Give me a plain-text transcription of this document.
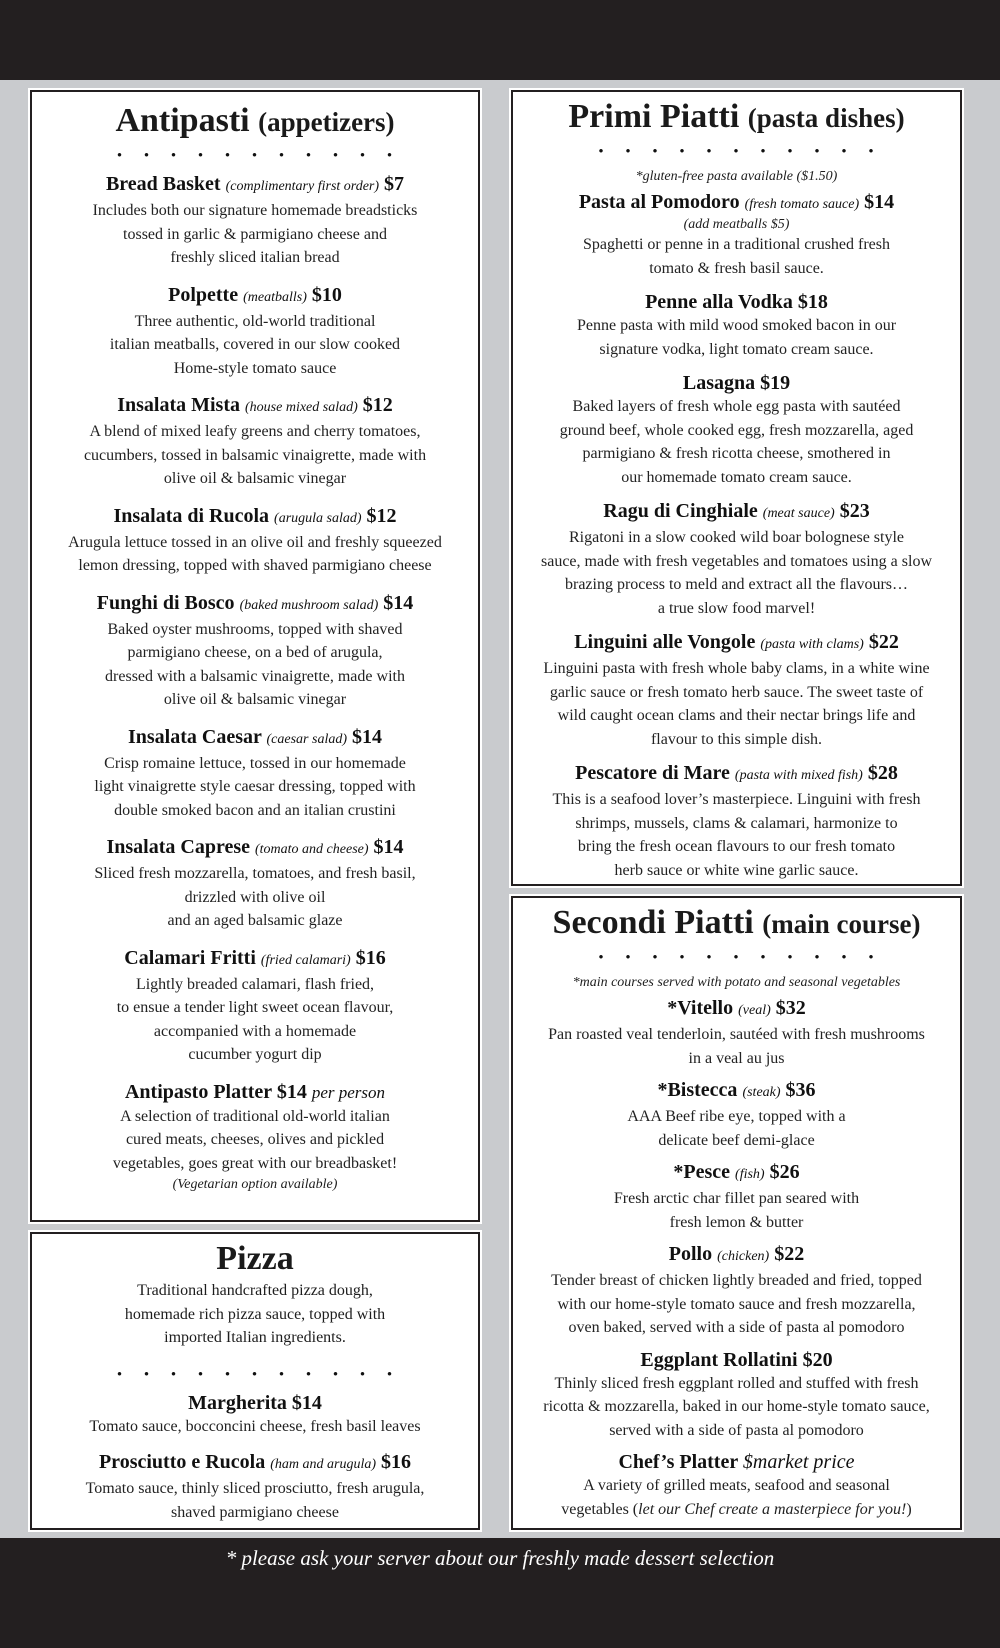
Antipasti (appetizers)
• • • • • • • • • • •
Bread Basket (complimentary first order) $7
Includes both our signature homemade breadsticks
tossed in garlic & parmigiano cheese and
freshly sliced italian bread
Polpette (meatballs) $10
Three authentic, old-world traditional
italian meatballs, covered in our slow cooked
Home-style tomato sauce
Insalata Mista (house mixed salad) $12
A blend of mixed leafy greens and cherry tomatoes,
cucumbers, tossed in balsamic vinaigrette, made with
olive oil & balsamic vinegar
Insalata di Rucola (arugula salad) $12
Arugula lettuce tossed in an olive oil and freshly squeezed
lemon dressing, topped with shaved parmigiano cheese
Funghi di Bosco (baked mushroom salad) $14
Baked oyster mushrooms, topped with shaved
parmigiano cheese, on a bed of arugula,
dressed with a balsamic vinaigrette, made with
olive oil & balsamic vinegar
Insalata Caesar (caesar salad) $14
Crisp romaine lettuce, tossed in our homemade
light vinaigrette style caesar dressing, topped with
double smoked bacon and an italian crustini
Insalata Caprese (tomato and cheese) $14
Sliced fresh mozzarella, tomatoes, and fresh basil,
drizzled with olive oil
and an aged balsamic glaze
Calamari Fritti (fried calamari) $16
Lightly breaded calamari, flash fried,
to ensue a tender light sweet ocean flavour,
accompanied with a homemade
cucumber yogurt dip
Antipasto Platter $14 per person
A selection of traditional old-world italian
cured meats, cheeses, olives and pickled
vegetables, goes great with our breadbasket!
(Vegetarian option available)
Pizza
Traditional handcrafted pizza dough,
homemade rich pizza sauce, topped with
imported Italian ingredients.
• • • • • • • • • • •
Margherita $14
Tomato sauce, bocconcini cheese, fresh basil leaves
Prosciutto e Rucola (ham and arugula) $16
Tomato sauce, thinly sliced prosciutto, fresh arugula,
shaved parmigiano cheese
Primi Piatti (pasta dishes)
• • • • • • • • • • •
*gluten-free pasta available ($1.50)
Pasta al Pomodoro (fresh tomato sauce) $14
(add meatballs $5)
Spaghetti or penne in a traditional crushed fresh
tomato & fresh basil sauce.
Penne alla Vodka $18
Penne pasta with mild wood smoked bacon in our
signature vodka, light tomato cream sauce.
Lasagna $19
Baked layers of fresh whole egg pasta with sautéed
ground beef, whole cooked egg, fresh mozzarella, aged
parmigiano & fresh ricotta cheese, smothered in
our homemade tomato cream sauce.
Ragu di Cinghiale (meat sauce) $23
Rigatoni in a slow cooked wild boar bolognese style
sauce, made with fresh vegetables and tomatoes using a slow
brazing process to meld and extract all the flavours…
a true slow food marvel!
Linguini alle Vongole (pasta with clams) $22
Linguini pasta with fresh whole baby clams, in a white wine
garlic sauce or fresh tomato herb sauce. The sweet taste of
wild caught ocean clams and their nectar brings life and
flavour to this simple dish.
Pescatore di Mare (pasta with mixed fish) $28
This is a seafood lover’s masterpiece. Linguini with fresh
shrimps, mussels, clams & calamari, harmonize to
bring the fresh ocean flavours to our fresh tomato
herb sauce or white wine garlic sauce.
Secondi Piatti (main course)
• • • • • • • • • • •
*main courses served with potato and seasonal vegetables
*Vitello (veal) $32
Pan roasted veal tenderloin, sautéed with fresh mushrooms
in a veal au jus
*Bistecca (steak) $36
AAA Beef ribe eye, topped with a
delicate beef demi-glace
*Pesce (fish) $26
Fresh arctic char fillet pan seared with
fresh lemon & butter
Pollo (chicken) $22
Tender breast of chicken lightly breaded and fried, topped
with our home-style tomato sauce and fresh mozzarella,
oven baked, served with a side of pasta al pomodoro
Eggplant Rollatini $20
Thinly sliced fresh eggplant rolled and stuffed with fresh
ricotta & mozzarella, baked in our home-style tomato sauce,
served with a side of pasta al pomodoro
Chef’s Platter $market price
A variety of grilled meats, seafood and seasonal
vegetables (let our Chef create a masterpiece for you!)
* please ask your server about our freshly made dessert selection
